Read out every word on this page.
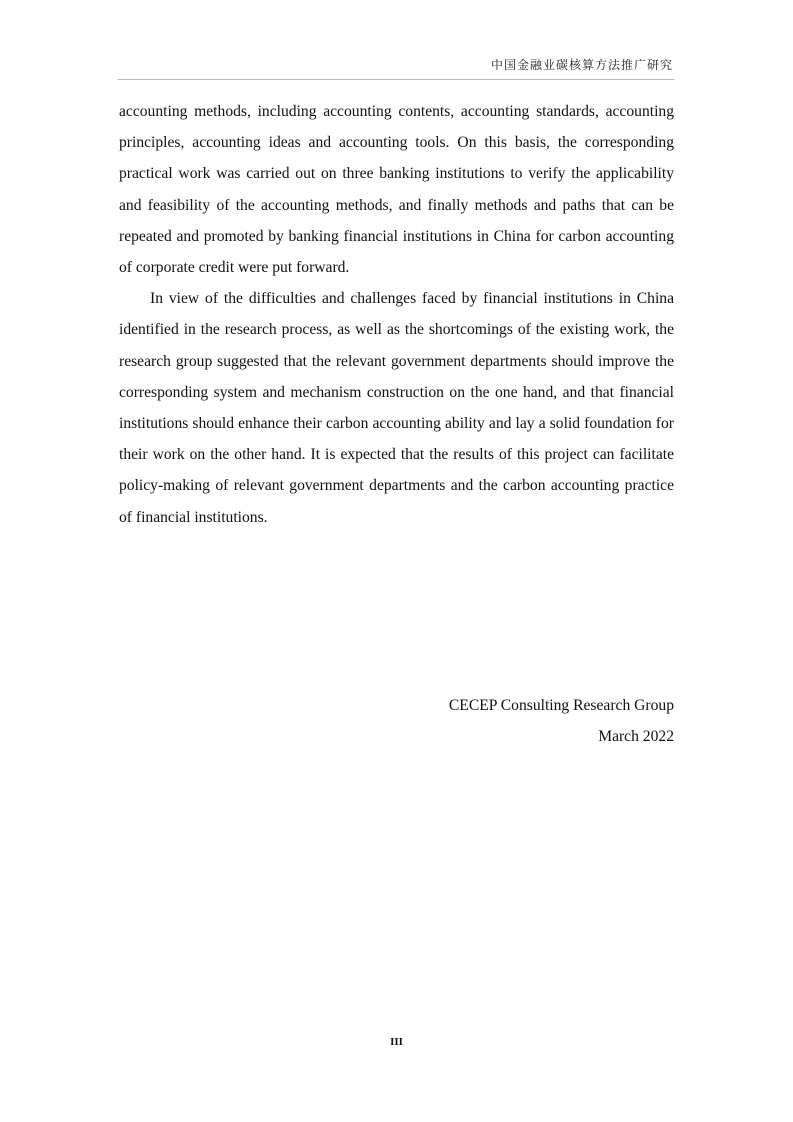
中国金融业碳核算方法推广研究

accounting methods, including accounting contents, accounting standards, accounting principles, accounting ideas and accounting tools. On this basis, the corresponding practical work was carried out on three banking institutions to verify the applicability and feasibility of the accounting methods, and finally methods and paths that can be repeated and promoted by banking financial institutions in China for carbon accounting of corporate credit were put forward.

In view of the difficulties and challenges faced by financial institutions in China identified in the research process, as well as the shortcomings of the existing work, the research group suggested that the relevant government departments should improve the corresponding system and mechanism construction on the one hand, and that financial institutions should enhance their carbon accounting ability and lay a solid foundation for their work on the other hand. It is expected that the results of this project can facilitate policy-making of relevant government departments and the carbon accounting practice of financial institutions.

CECEP Consulting Research Group
March 2022
III
